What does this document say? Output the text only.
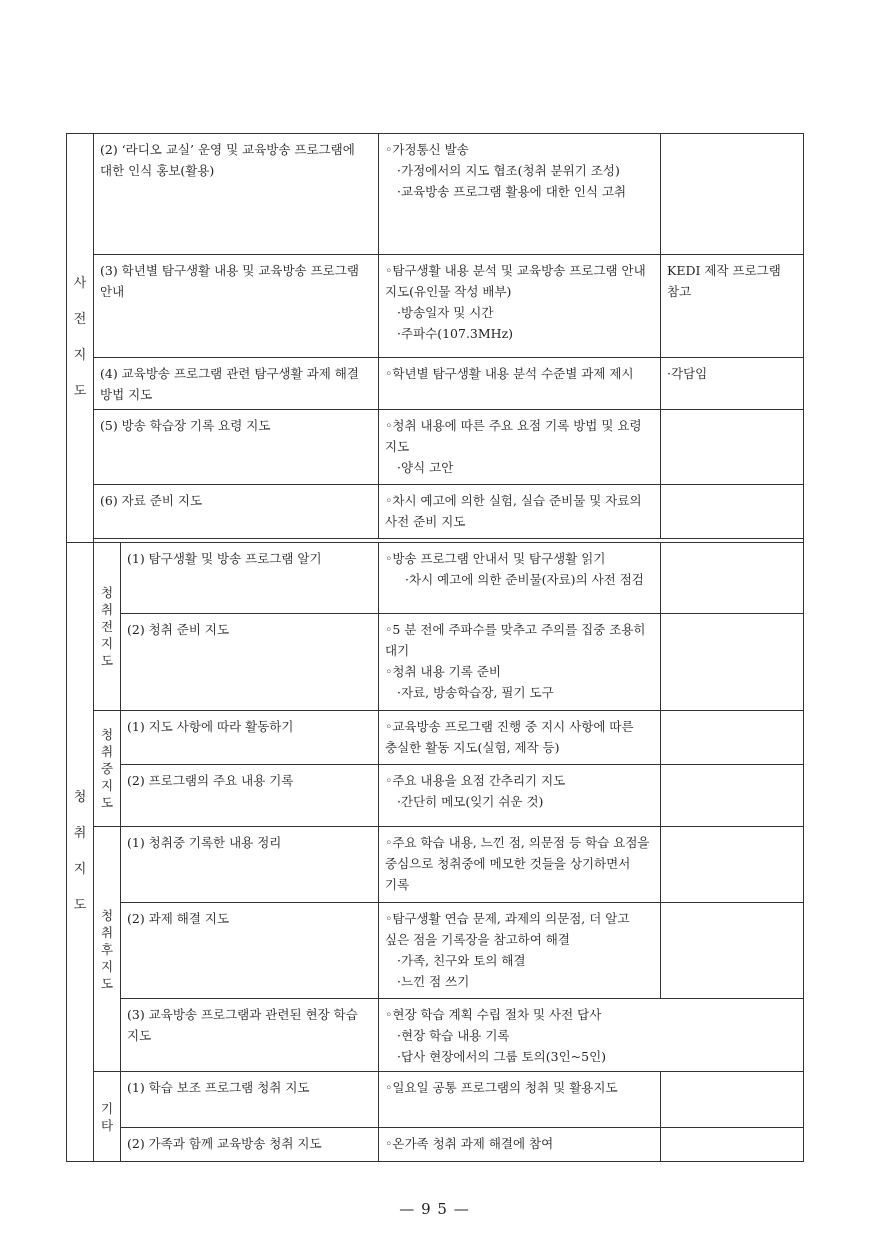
사전지도	(2) ‘라디오 교실’ 운영 및 교육방송 프로그램에 대한 인식 홍보(활용)		◦가정통신 발송
·가정에서의 지도 협조(청취 분위기 조성)
·교육방송 프로그램 활용에 대한 인식 고취	

	(3) 학년별 탐구생활 내용 및 교육방송 프로그램 안내		◦탐구생활 내용 분석 및 교육방송 프로그램 안내 지도(유인물 작성 배부)
·방송일자 및 시간
·주파수(107.3MHz)	KEDI 제작 프로그램 참고
	(4) 교육방송 프로그램 관련 탐구생활 과제 해결 방법 지도		◦학년별 탐구생활 내용 분석 수준별 과제 제시	·각담임
	(5) 방송 학습장 기록 요령 지도		◦청취 내용에 따른 주요 요점 기록 방법 및 요령 지도
·양식 고안	

	(6) 자료 준비 지도		◦차시 예고에 의한 실험, 실습 준비물 및 자료의 사전 준비 지도	

청취지도	청취전지도	(1) 탐구생활 및 방송 프로그램 알기	◦방송 프로그램 안내서 및 탐구생활 읽기
·차시 예고에 의한 준비물(자료)의 사전 점검	

		(2) 청취 준비 지도	◦5 분 전에 주파수를 맞추고 주의를 집중 조용히 대기
◦청취 내용 기록 준비
·자료, 방송학습장, 필기 도구	

	청취중지도	(1) 지도 사항에 따라 활동하기	◦교육방송 프로그램 진행 중 지시 사항에 따른 충실한 활동 지도(실험, 제작 등)	

		(2) 프로그램의 주요 내용 기록	◦주요 내용을 요점 간추리기 지도
·간단히 메모(잊기 쉬운 것)	

	청취후지도	(1) 청취중 기록한 내용 정리	◦주요 학습 내용, 느낀 점, 의문점 등 학습 요점을 중심으로 청취중에 메모한 것들을 상기하면서 기록	

		(2) 과제 해결 지도	◦탐구생활 연습 문제, 과제의 의문점, 더 알고 싶은 점을 기록장을 참고하여 해결
·가족, 친구와 토의 해결
·느낀 점 쓰기	

		(3) 교육방송 프로그램과 관련된 현장 학습 지도	◦현장 학습 계획 수립 절차 및 사전 답사
·현장 학습 내용 기록
·답사 현장에서의 그룹 토의(3인~5인)	

	기타	(1) 학습 보조 프로그램 청취 지도	◦일요일 공통 프로그램의 청취 및 활용지도	

		(2) 가족과 함께 교육방송 청취 지도	◦온가족 청취 과제 해결에 참여	

— 9 5 —
